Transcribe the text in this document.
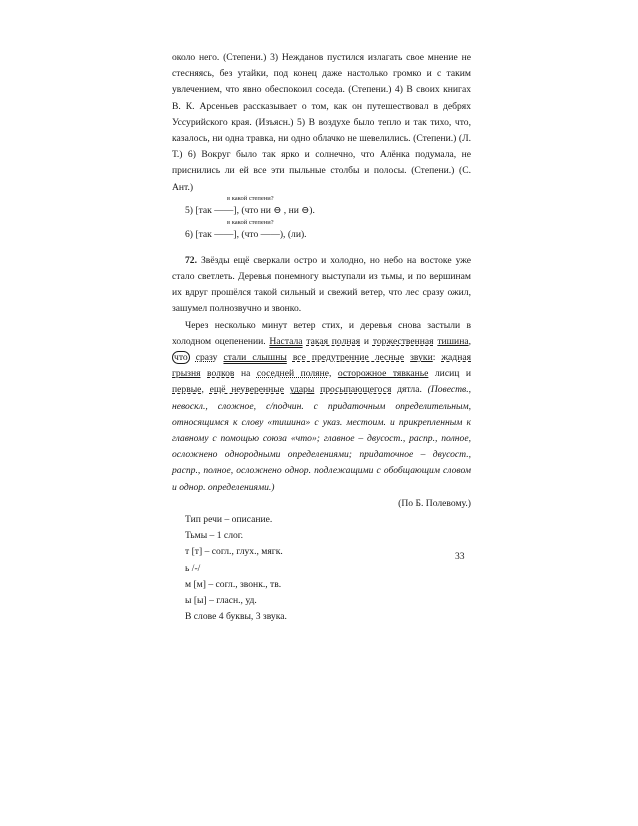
около него. (Степени.) 3) Нежданов пустился излагать свое мнение не стесняясь, без утайки, под конец даже настолько громко и с таким увлечением, что явно обеспокоил соседа. (Степени.) 4) В своих книгах В. К. Арсеньев рассказывает о том, как он путешествовал в дебрях Уссурийского края. (Изъясн.) 5) В воздухе было тепло и так тихо, что, казалось, ни одна травка, ни одно облачко не шевелились. (Степени.) (Л. Т.) 6) Вокруг было так ярко и солнечно, что Алёнка подумала, не приснились ли ей все эти пыльные столбы и полосы. (Степени.) (С. Ант.)

в какой степени?
5) [так ——], (что ни ⊖ , ни ⊖).
в какой степени?
6) [так ——], (что ——), (ли).

72. Звёзды ещё сверкали остро и холодно, но небо на востоке уже стало светлеть. Деревья понемногу выступали из тьмы, и по вершинам их вдруг прошёлся такой сильный и свежий ветер, что лес сразу ожил, зашумел полнозвучно и звонко.

Через несколько минут ветер стих, и деревья снова застыли в холодном оцепенении. Настала такая полная и торжественная тишина, что сразу стали слышны все предутренние лесные звуки: жадная грызня волков на соседней поляне, осторожное тявканье лисиц и первые, ещё неуверенные удары просыпающегося дятла. (Повеств., невоскл., сложное, с/подчин. с придаточным определительным, относящимся к слову «тишина» с указ. местоим. и прикрепленным к главному с помощью союза «что»; главное – двусост., распр., полное, осложнено однородными определениями; придаточное – двусост., распр., полное, осложнено однор. подлежащими с обобщающим словом и однор. определениями.)

(По Б. Полевому.)

Тип речи – описание.

Тьмы – 1 слог.

т [т] – согл., глух., мягк.

ь /-/

м [м] – согл., звонк., тв.

ы [ы] – гласн., уд.

В слове 4 буквы, 3 звука.

33
